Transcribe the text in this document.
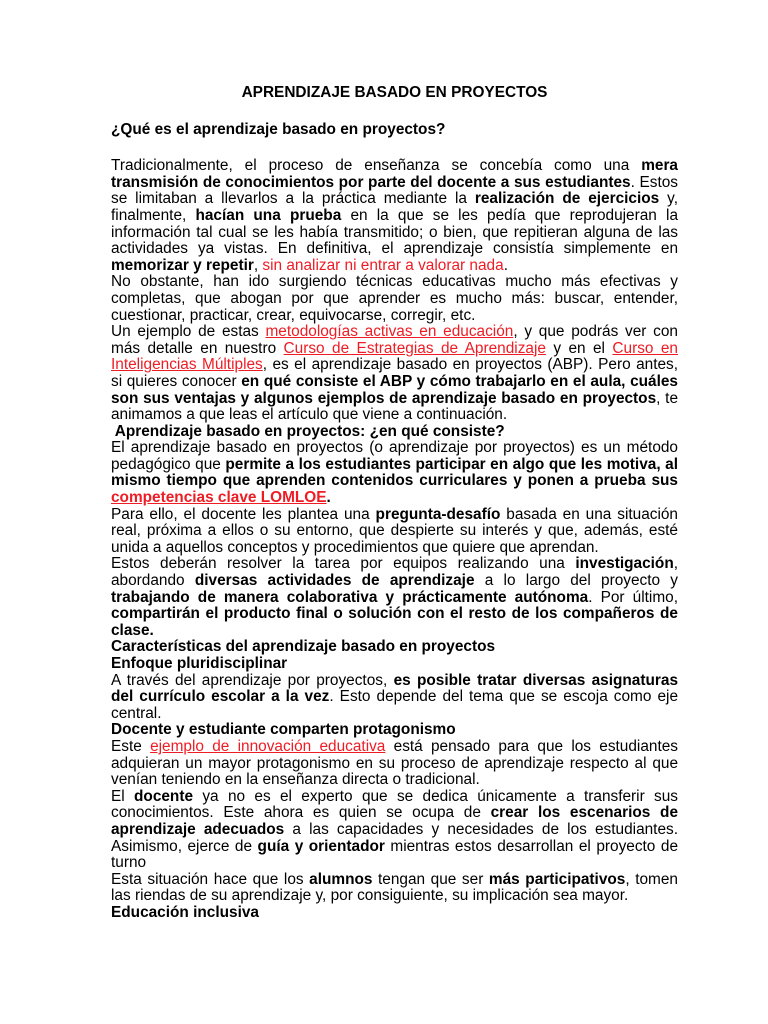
APRENDIZAJE BASADO EN PROYECTOS
¿Qué es el aprendizaje basado en proyectos?

Tradicionalmente, el proceso de enseñanza se concebía como una mera transmisión de conocimientos por parte del docente a sus estudiantes. Estos se limitaban a llevarlos a la práctica mediante la realización de ejercicios y, finalmente, hacían una prueba en la que se les pedía que reprodujeran la información tal cual se les había transmitido; o bien, que repitieran alguna de las actividades ya vistas. En definitiva, el aprendizaje consistía simplemente en memorizar y repetir, sin analizar ni entrar a valorar nada.

No obstante, han ido surgiendo técnicas educativas mucho más efectivas y completas, que abogan por que aprender es mucho más: buscar, entender, cuestionar, practicar, crear, equivocarse, corregir, etc.

Un ejemplo de estas metodologías activas en educación, y que podrás ver con más detalle en nuestro Curso de Estrategias de Aprendizaje y en el Curso en Inteligencias Múltiples, es el aprendizaje basado en proyectos (ABP). Pero antes, si quieres conocer en qué consiste el ABP y cómo trabajarlo en el aula, cuáles son sus ventajas y algunos ejemplos de aprendizaje basado en proyectos, te animamos a que leas el artículo que viene a continuación.

Aprendizaje basado en proyectos: ¿en qué consiste?

El aprendizaje basado en proyectos (o aprendizaje por proyectos) es un método pedagógico que permite a los estudiantes participar en algo que les motiva, al mismo tiempo que aprenden contenidos curriculares y ponen a prueba sus competencias clave LOMLOE.

Para ello, el docente les plantea una pregunta-desafío basada en una situación real, próxima a ellos o su entorno, que despierte su interés y que, además, esté unida a aquellos conceptos y procedimientos que quiere que aprendan.

Estos deberán resolver la tarea por equipos realizando una investigación, abordando diversas actividades de aprendizaje a lo largo del proyecto y trabajando de manera colaborativa y prácticamente autónoma. Por último, compartirán el producto final o solución con el resto de los compañeros de clase.

Características del aprendizaje basado en proyectos
Enfoque pluridisciplinar

A través del aprendizaje por proyectos, es posible tratar diversas asignaturas del currículo escolar a la vez. Esto depende del tema que se escoja como eje central.

Docente y estudiante comparten protagonismo

Este ejemplo de innovación educativa está pensado para que los estudiantes adquieran un mayor protagonismo en su proceso de aprendizaje respecto al que venían teniendo en la enseñanza directa o tradicional.

El docente ya no es el experto que se dedica únicamente a transferir sus conocimientos. Este ahora es quien se ocupa de crear los escenarios de aprendizaje adecuados a las capacidades y necesidades de los estudiantes. Asimismo, ejerce de guía y orientador mientras estos desarrollan el proyecto de turno

Esta situación hace que los alumnos tengan que ser más participativos, tomen las riendas de su aprendizaje y, por consiguiente, su implicación sea mayor.

Educación inclusiva
